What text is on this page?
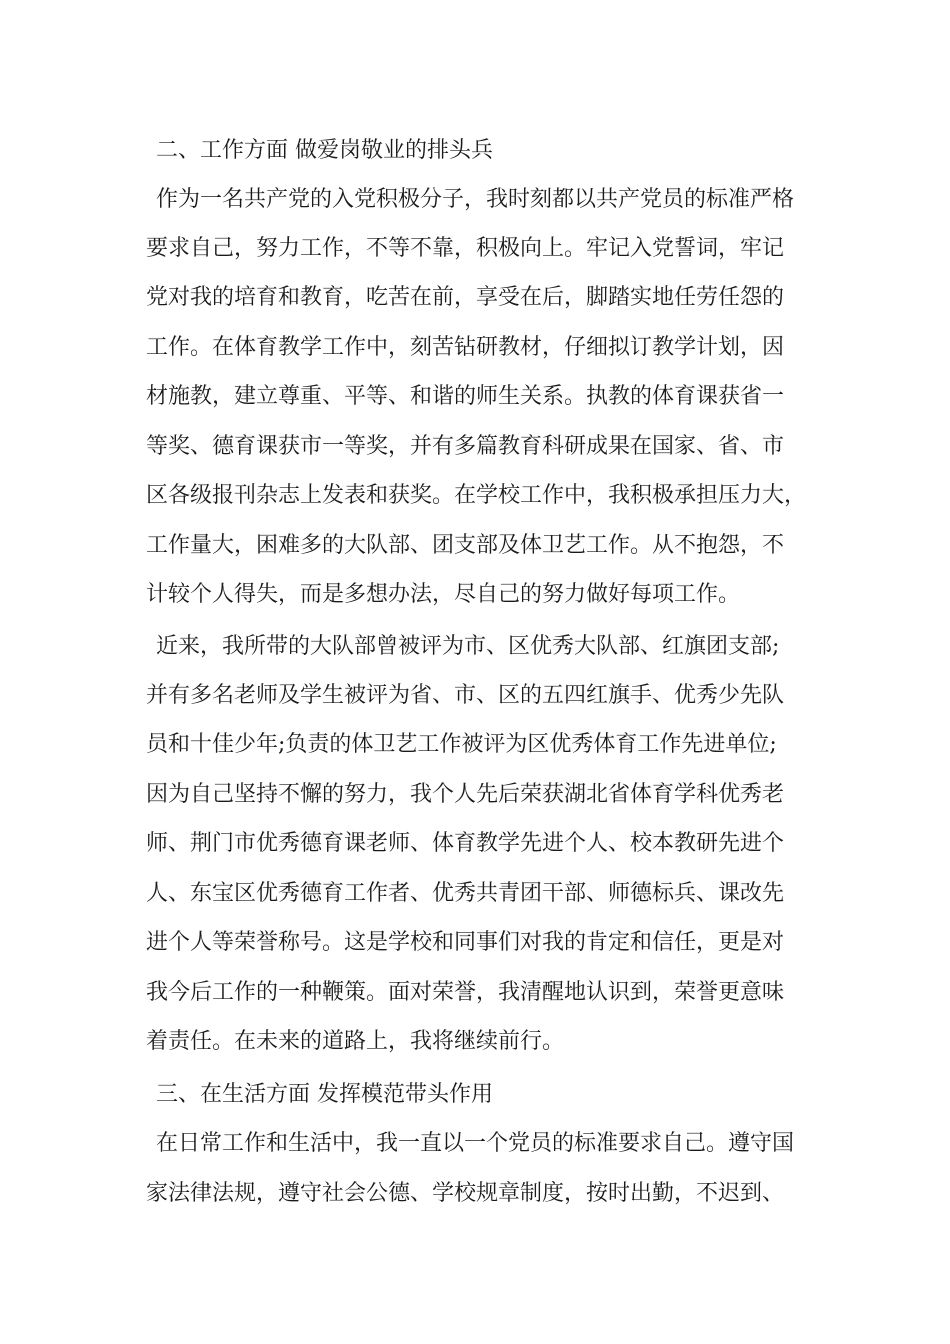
二、工作方面 做爱岗敬业的排头兵
作为一名共产党的入党积极分子，我时刻都以共产党员的标准严格
要求自己，努力工作，不等不靠，积极向上。牢记入党誓词，牢记
党对我的培育和教育，吃苦在前，享受在后，脚踏实地任劳任怨的
工作。在体育教学工作中，刻苦钻研教材，仔细拟订教学计划，因
材施教，建立尊重、平等、和谐的师生关系。执教的体育课获省一
等奖、德育课获市一等奖，并有多篇教育科研成果在国家、省、市
区各级报刊杂志上发表和获奖。在学校工作中，我积极承担压力大，
工作量大，困难多的大队部、团支部及体卫艺工作。从不抱怨，不
计较个人得失，而是多想办法，尽自己的努力做好每项工作。
近来，我所带的大队部曾被评为市、区优秀大队部、红旗团支部;
并有多名老师及学生被评为省、市、区的五四红旗手、优秀少先队
员和十佳少年;负责的体卫艺工作被评为区优秀体育工作先进单位;
因为自己坚持不懈的努力，我个人先后荣获湖北省体育学科优秀老
师、荆门市优秀德育课老师、体育教学先进个人、校本教研先进个
人、东宝区优秀德育工作者、优秀共青团干部、师德标兵、课改先
进个人等荣誉称号。这是学校和同事们对我的肯定和信任，更是对
我今后工作的一种鞭策。面对荣誉，我清醒地认识到，荣誉更意味
着责任。在未来的道路上，我将继续前行。
三、在生活方面 发挥模范带头作用
在日常工作和生活中，我一直以一个党员的标准要求自己。遵守国
家法律法规，遵守社会公德、学校规章制度，按时出勤，不迟到、
